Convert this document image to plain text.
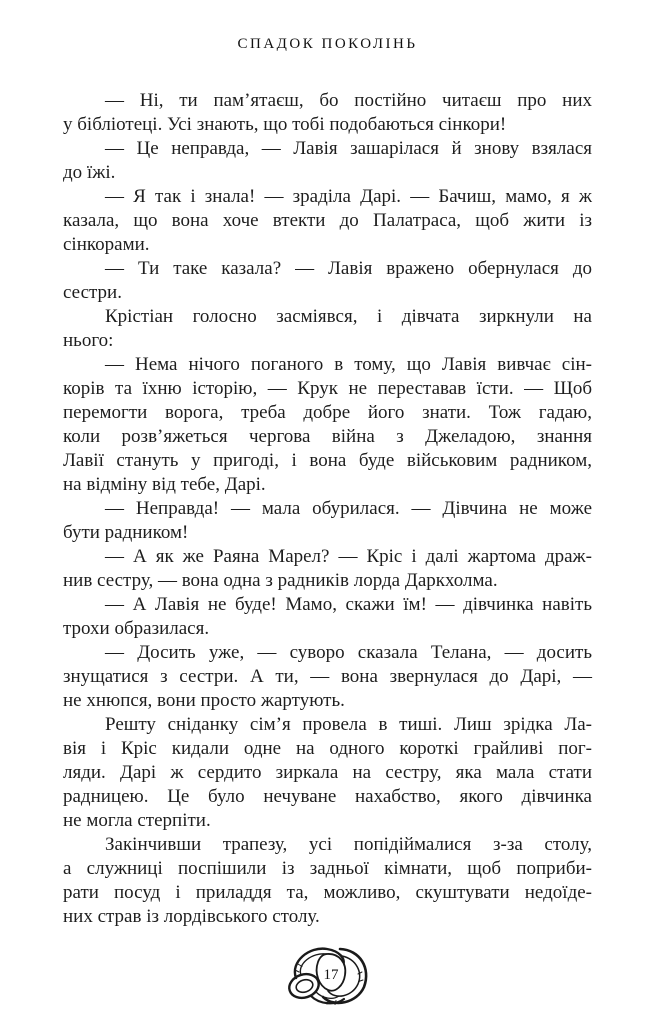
СПАДОК ПОКОЛІНЬ
— Ні, ти пам’ятаєш, бо постійно читаєш про них
у бібліотеці. Усі знають, що тобі подобаються сінкори!
— Це неправда, — Лавія зашарілася й знову взялася
до їжі.
— Я так і знала! — зраділа Дарі. — Бачиш, мамо, я ж
казала, що вона хоче втекти до Палатраса, щоб жити із
сінкорами.
— Ти таке казала? — Лавія вражено обернулася до
сестри.
Крістіан голосно засміявся, і дівчата зиркнули на
нього:
— Нема нічого поганого в тому, що Лавія вивчає сін-
корів та їхню історію, — Крук не переставав їсти. — Щоб
перемогти ворога, треба добре його знати. Тож гадаю,
коли розв’яжеться чергова війна з Джеладою, знання
Лавії стануть у пригоді, і вона буде військовим радником,
на відміну від тебе, Дарі.
— Неправда! — мала обурилася. — Дівчина не може
бути радником!
— А як же Раяна Марел? — Кріс і далі жартома драж-
нив сестру, — вона одна з радників лорда Даркхолма.
— А Лавія не буде! Мамо, скажи їм! — дівчинка навіть
трохи образилася.
— Досить уже, — суворо сказала Телана, — досить
знущатися з сестри. А ти, — вона звернулася до Дарі, —
не хнюпся, вони просто жартують.
Решту сніданку сім’я провела в тиші. Лиш зрідка Ла-
вія і Кріс кидали одне на одного короткі грайливі пог-
ляди. Дарі ж сердито зиркала на сестру, яка мала стати
радницею. Це було нечуване нахабство, якого дівчинка
не могла стерпіти.
Закінчивши трапезу, усі попідіймалися з-за столу,
а служниці поспішили із задньої кімнати, щоб поприби-
рати посуд і приладдя та, можливо, скуштувати недоїде-
них страв із лордівського столу.
17
